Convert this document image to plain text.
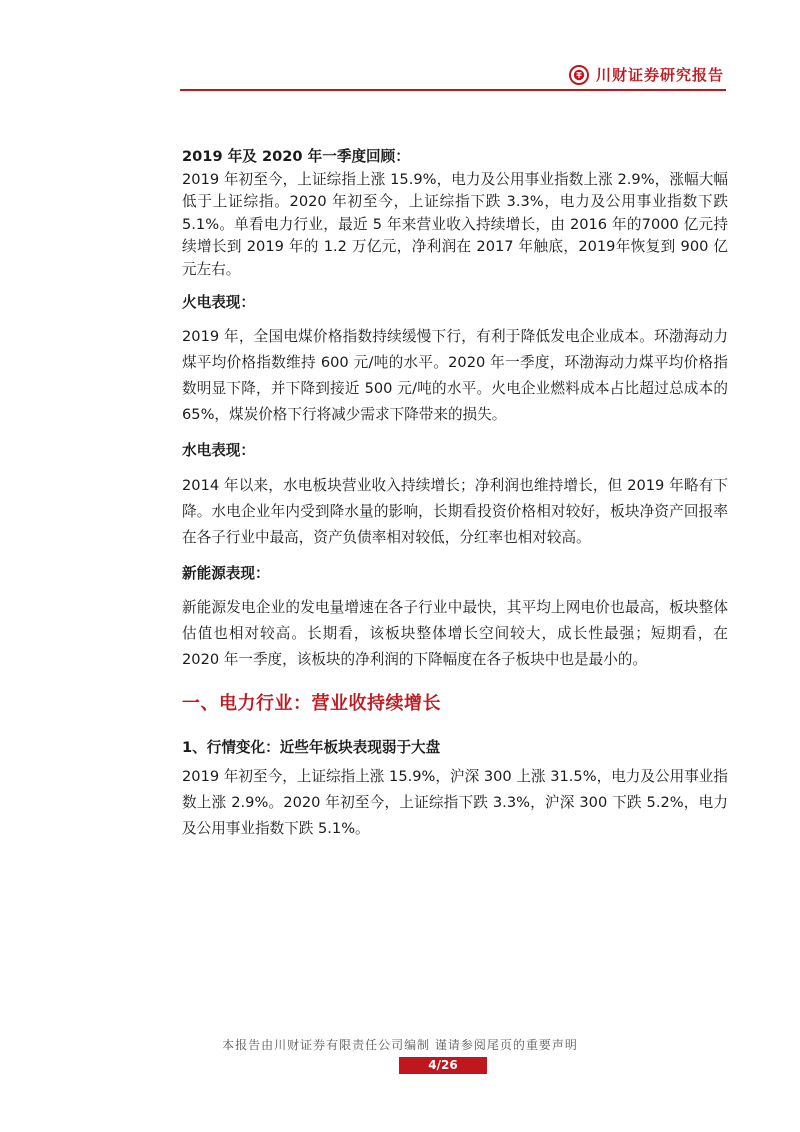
川财证券研究报告

2019 年及 2020 年一季度回顾：

2019 年初至今，上证综指上涨 15.9%，电力及公用事业指数上涨 2.9%，涨幅大幅低于上证综指。2020 年初至今，上证综指下跌 3.3%，电力及公用事业指数下跌 5.1%。单看电力行业，最近 5 年来营业收入持续增长，由 2016 年的7000 亿元持续增长到 2019 年的 1.2 万亿元，净利润在 2017 年触底，2019年恢复到 900 亿元左右。

火电表现：

2019 年，全国电煤价格指数持续缓慢下行，有利于降低发电企业成本。环渤海动力煤平均价格指数维持 600 元/吨的水平。2020 年一季度，环渤海动力煤平均价格指数明显下降，并下降到接近 500 元/吨的水平。火电企业燃料成本占比超过总成本的 65%，煤炭价格下行将减少需求下降带来的损失。

水电表现：

2014 年以来，水电板块营业收入持续增长；净利润也维持增长，但 2019 年略有下降。水电企业年内受到降水量的影响，长期看投资价格相对较好，板块净资产回报率在各子行业中最高，资产负债率相对较低，分红率也相对较高。

新能源表现：

新能源发电企业的发电量增速在各子行业中最快，其平均上网电价也最高，板块整体估值也相对较高。长期看，该板块整体增长空间较大，成长性最强；短期看，在 2020 年一季度，该板块的净利润的下降幅度在各子板块中也是最小的。

一、电力行业：营业收持续增长
1、行情变化：近些年板块表现弱于大盘

2019 年初至今，上证综指上涨 15.9%，沪深 300 上涨 31.5%，电力及公用事业指数上涨 2.9%。2020 年初至今，上证综指下跌 3.3%，沪深 300 下跌 5.2%，电力及公用事业指数下跌 5.1%。

本报告由川财证券有限责任公司编制 谨请参阅尾页的重要声明
4/26
